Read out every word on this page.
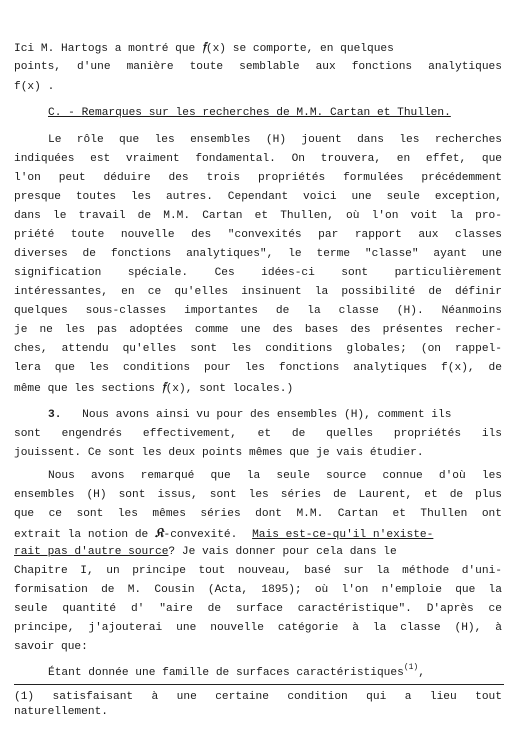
Ici M. Hartogs a montré que 𝔣(x) se comporte, en quelques
points, d'une manière toute semblable aux fonctions analytiques
f(x) .
C. - Remarques sur les recherches de M.M. Cartan et Thullen.
Le rôle que les ensembles (H) jouent dans les recherches
indiquées est vraiment fondamental. On trouvera, en effet, que
l'on peut déduire des trois propriétés formulées précédemment
presque toutes les autres. Cependant voici une seule exception,
dans le travail de M.M. Cartan et Thullen, où l'on voit la pro-
priété toute nouvelle des "convexités par rapport aux classes
diverses de fonctions analytiques", le terme "classe" ayant une
signification spéciale. Ces idées-ci sont particulièrement
intéressantes, en ce qu'elles insinuent la possibilité de définir
quelques sous-classes importantes de la classe (H). Néanmoins
je ne les pas adoptées comme une des bases des présentes recher-
ches, attendu qu'elles sont les conditions globales; (on rappel-
lera que les conditions pour les fonctions analytiques f(x), de
même que les sections 𝔣(x), sont locales.)
3. Nous avons ainsi vu pour des ensembles (H), comment ils
sont engendrés effectivement, et de quelles propriétés ils
jouissent. Ce sont les deux points mêmes que je vais étudier.
Nous avons remarqué que la seule source connue d'où les
ensembles (H) sont issus, sont les séries de Laurent, et de plus
que ce sont les mêmes séries dont M.M. Cartan et Thullen ont
extrait la notion de 𝔎-convexité. Mais est-ce-qu'il n'existe-
rait pas d'autre source? Je vais donner pour cela dans le
Chapitre I, un principe tout nouveau, basé sur la méthode d'uni-
formisation de M. Cousin (Acta, 1895); où l'on n'emploie que la
seule quantité d' "aire de surface caractéristique". D'après ce
principe, j'ajouterai une nouvelle catégorie à la classe (H), à
savoir que:
Étant donnée une famille de surfaces caractéristiques$^{(1)}$,
(1) satisfaisant à une certaine condition qui a lieu tout
naturellement.
